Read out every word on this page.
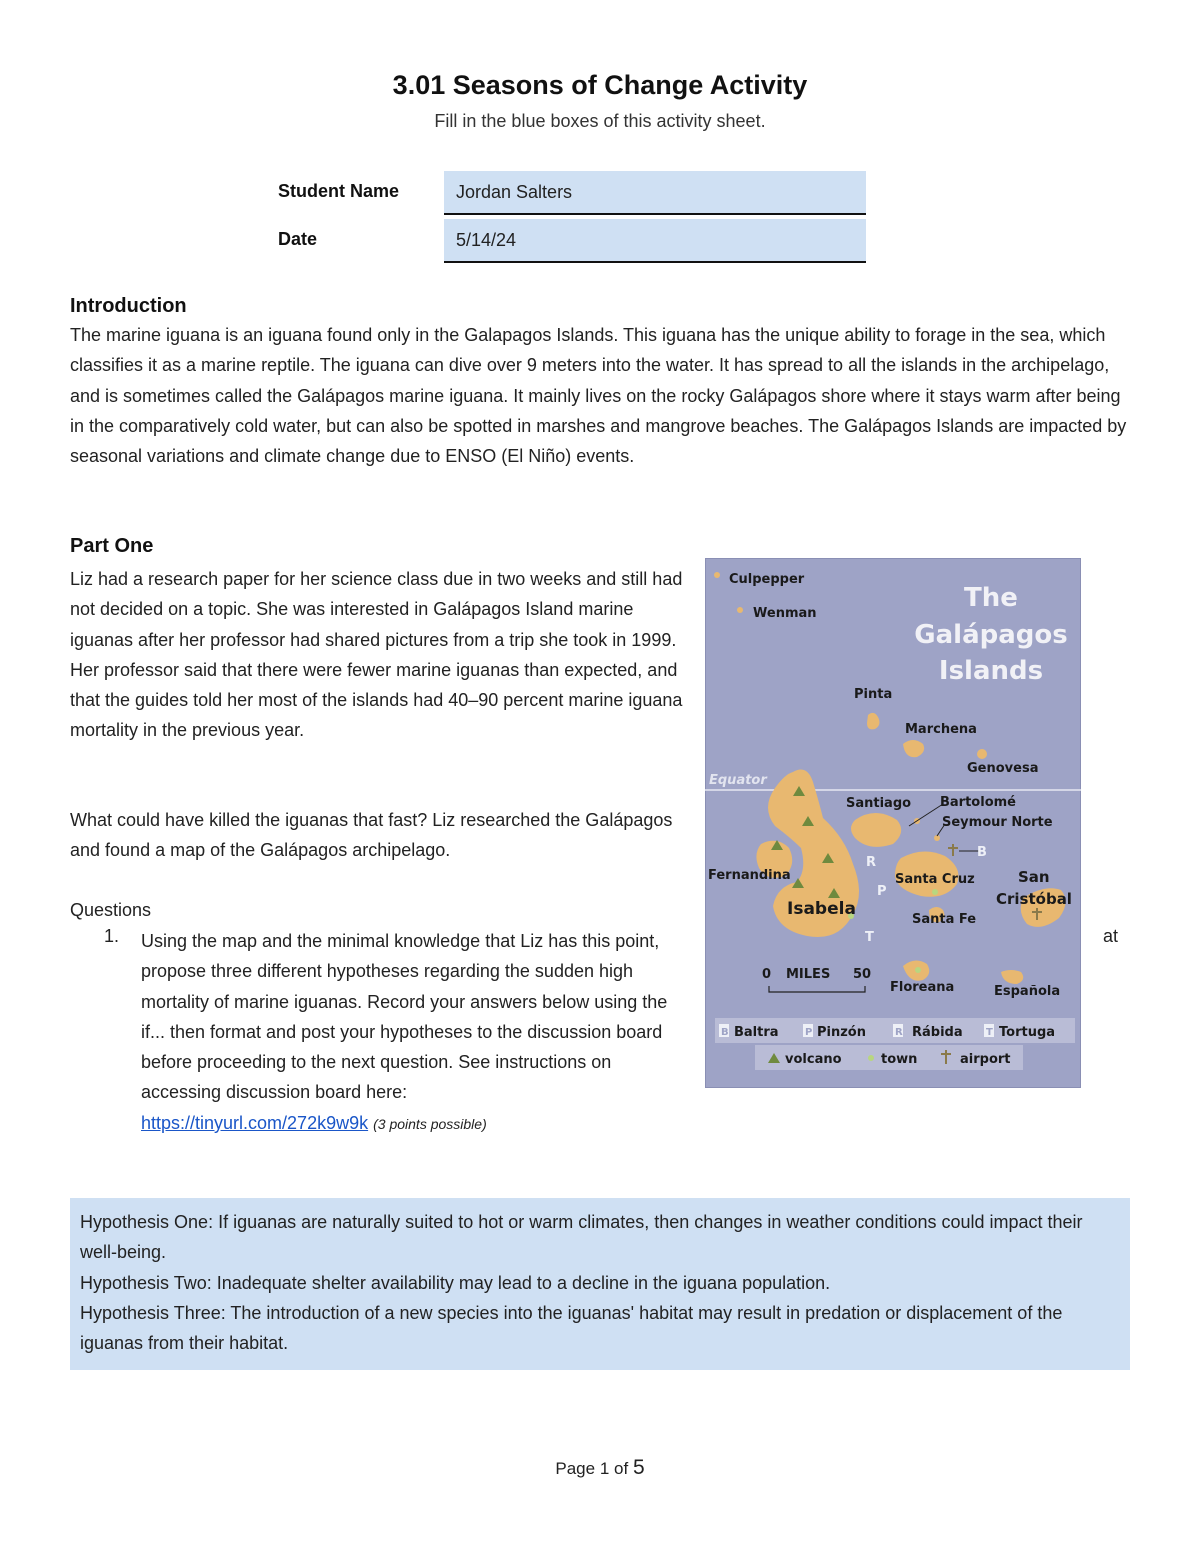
3.01 Seasons of Change Activity

Fill in the blue boxes of this activity sheet.

Student Name	Jordan Salters
Date	5/14/24
Introduction

The marine iguana is an iguana found only in the Galapagos Islands. This iguana has the unique ability to forage in the sea, which classifies it as a marine reptile. The iguana can dive over 9 meters into the water. It has spread to all the islands in the archipelago, and is sometimes called the Galápagos marine iguana. It mainly lives on the rocky Galápagos shore where it stays warm after being in the comparatively cold water, but can also be spotted in marshes and mangrove beaches. The Galápagos Islands are impacted by seasonal variations and climate change due to ENSO (El Niño) events.

Part One

Liz had a research paper for her science class due in two weeks and still had not decided on a topic. She was interested in Galápagos Island marine iguanas after her professor had shared pictures from a trip she took in 1999. Her professor said that there were fewer marine iguanas than expected, and that the guides told her most of the islands had 40–90 percent marine iguana mortality in the previous year.

What could have killed the iguanas that fast? Liz researched the Galápagos and found a map of the Galápagos archipelago.

Questions

1. Using the map and the minimal knowledge that Liz has this point, propose three different hypotheses regarding the sudden high mortality of marine iguanas. Record your answers below using the if... then format and post your hypotheses to the discussion board before proceeding to the next question. See instructions on accessing discussion board here:
https://tinyurl.com/272k9w9k (3 points possible)

at
The
Galápagos
Islands
Equator
Culpepper
Wenman
Pinta
Marchena
Genovesa
Santiago Bartolomé
Seymour Norte
Fernandina
Isabela
Santa Cruz	San
Cristóbal
Santa Fe
Floreana	Española
B
R
P
T
0 MILES 50
B Baltra	P Pinzón	R Rábida T Tortuga
volcano	town	airport

Hypothesis One: If iguanas are naturally suited to hot or warm climates, then changes in weather conditions could impact their well-being.

Hypothesis Two: Inadequate shelter availability may lead to a decline in the iguana population.

Hypothesis Three: The introduction of a new species into the iguanas' habitat may result in predation or displacement of the iguanas from their habitat.

Page 1 of 5
